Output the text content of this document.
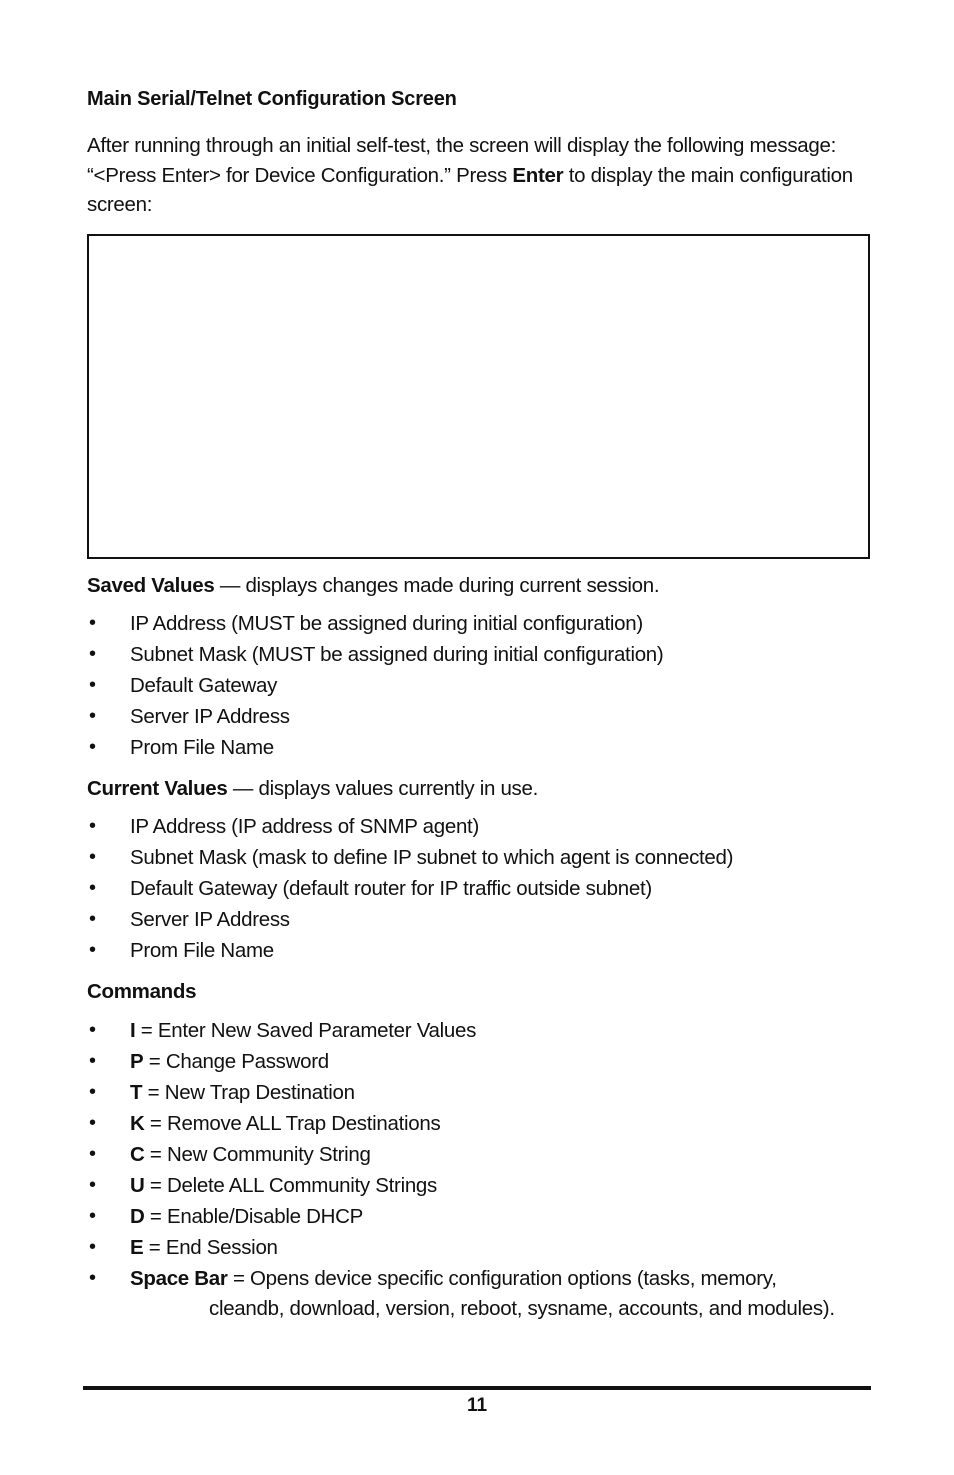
Main Serial/Telnet Configuration Screen

After running through an initial self-test, the screen will display the following message: “<Press Enter> for Device Configuration.” Press Enter to display the main configuration screen:

Saved Values — displays changes made during current session.

• IP Address (MUST be assigned during initial configuration)
• Subnet Mask (MUST be assigned during initial configuration)
• Default Gateway
• Server IP Address
• Prom File Name

Current Values — displays values currently in use.

• IP Address (IP address of SNMP agent)
• Subnet Mask (mask to define IP subnet to which agent is connected)
• Default Gateway (default router for IP traffic outside subnet)
• Server IP Address
• Prom File Name

Commands

• I = Enter New Saved Parameter Values
• P = Change Password
• T = New Trap Destination
• K = Remove ALL Trap Destinations
• C = New Community String
• U = Delete ALL Community Strings
• D = Enable/Disable DHCP
• E = End Session
• Space Bar = Opens device specific configuration options (tasks, memory,
cleandb, download, version, reboot, sysname, accounts, and modules).
11
